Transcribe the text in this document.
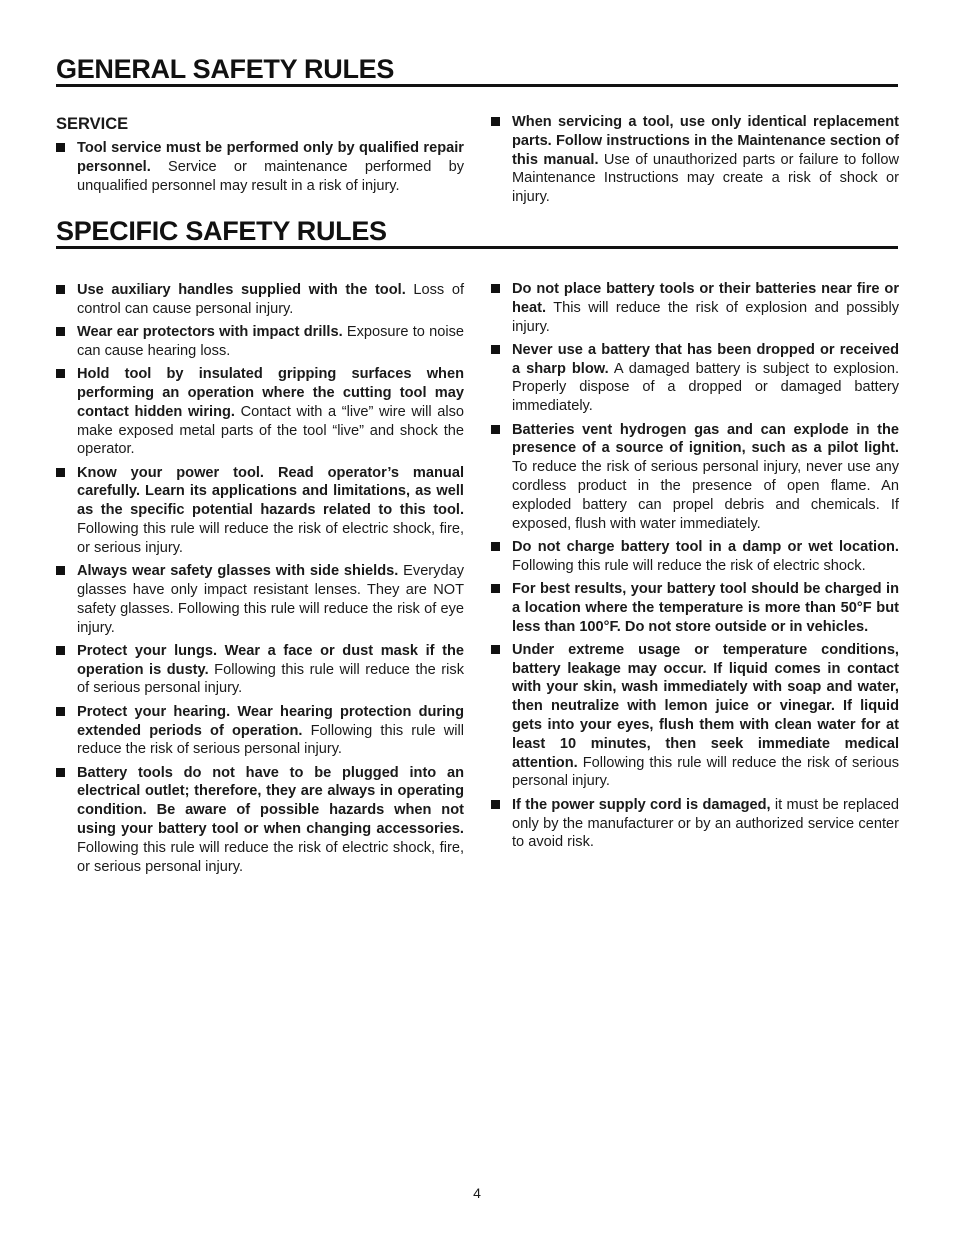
GENERAL SAFETY RULES
SERVICE
Tool service must be performed only by qualified repair personnel. Service or maintenance performed by unqualified personnel may result in a risk of injury.
When servicing a tool, use only identical replacement parts. Follow instructions in the Maintenance section of this manual. Use of unauthorized parts or failure to follow Maintenance Instructions may create a risk of shock or injury.
SPECIFIC SAFETY RULES
Use auxiliary handles supplied with the tool. Loss of control can cause personal injury.
Wear ear protectors with impact drills. Exposure to noise can cause hearing loss.
Hold tool by insulated gripping surfaces when performing an operation where the cutting tool may contact hidden wiring. Contact with a “live” wire will also make exposed metal parts of the tool “live” and shock the operator.
Know your power tool. Read operator’s manual carefully. Learn its applications and limitations, as well as the specific potential hazards related to this tool. Following this rule will reduce the risk of electric shock, fire, or serious injury.
Always wear safety glasses with side shields. Everyday glasses have only impact resistant lenses. They are NOT safety glasses. Following this rule will reduce the risk of eye injury.
Protect your lungs. Wear a face or dust mask if the operation is dusty. Following this rule will reduce the risk of serious personal injury.
Protect your hearing. Wear hearing protection during extended periods of operation. Following this rule will reduce the risk of serious personal injury.
Battery tools do not have to be plugged into an electrical outlet; therefore, they are always in operating condition. Be aware of possible hazards when not using your battery tool or when changing accessories. Following this rule will reduce the risk of electric shock, fire, or serious personal injury.
Do not place battery tools or their batteries near fire or heat. This will reduce the risk of explosion and possibly injury.
Never use a battery that has been dropped or received a sharp blow. A damaged battery is subject to explosion. Properly dispose of a dropped or damaged battery immediately.
Batteries vent hydrogen gas and can explode in the presence of a source of ignition, such as a pilot light. To reduce the risk of serious personal injury, never use any cordless product in the presence of open flame. An exploded battery can propel debris and chemicals. If exposed, flush with water immediately.
Do not charge battery tool in a damp or wet location. Following this rule will reduce the risk of electric shock.
For best results, your battery tool should be charged in a location where the temperature is more than 50°F but less than 100°F. Do not store outside or in vehicles.
Under extreme usage or temperature conditions, battery leakage may occur. If liquid comes in contact with your skin, wash immediately with soap and water, then neutralize with lemon juice or vinegar. If liquid gets into your eyes, flush them with clean water for at least 10 minutes, then seek immediate medical attention. Following this rule will reduce the risk of serious personal injury.
If the power supply cord is damaged, it must be replaced only by the manufacturer or by an authorized service center to avoid risk.
4
